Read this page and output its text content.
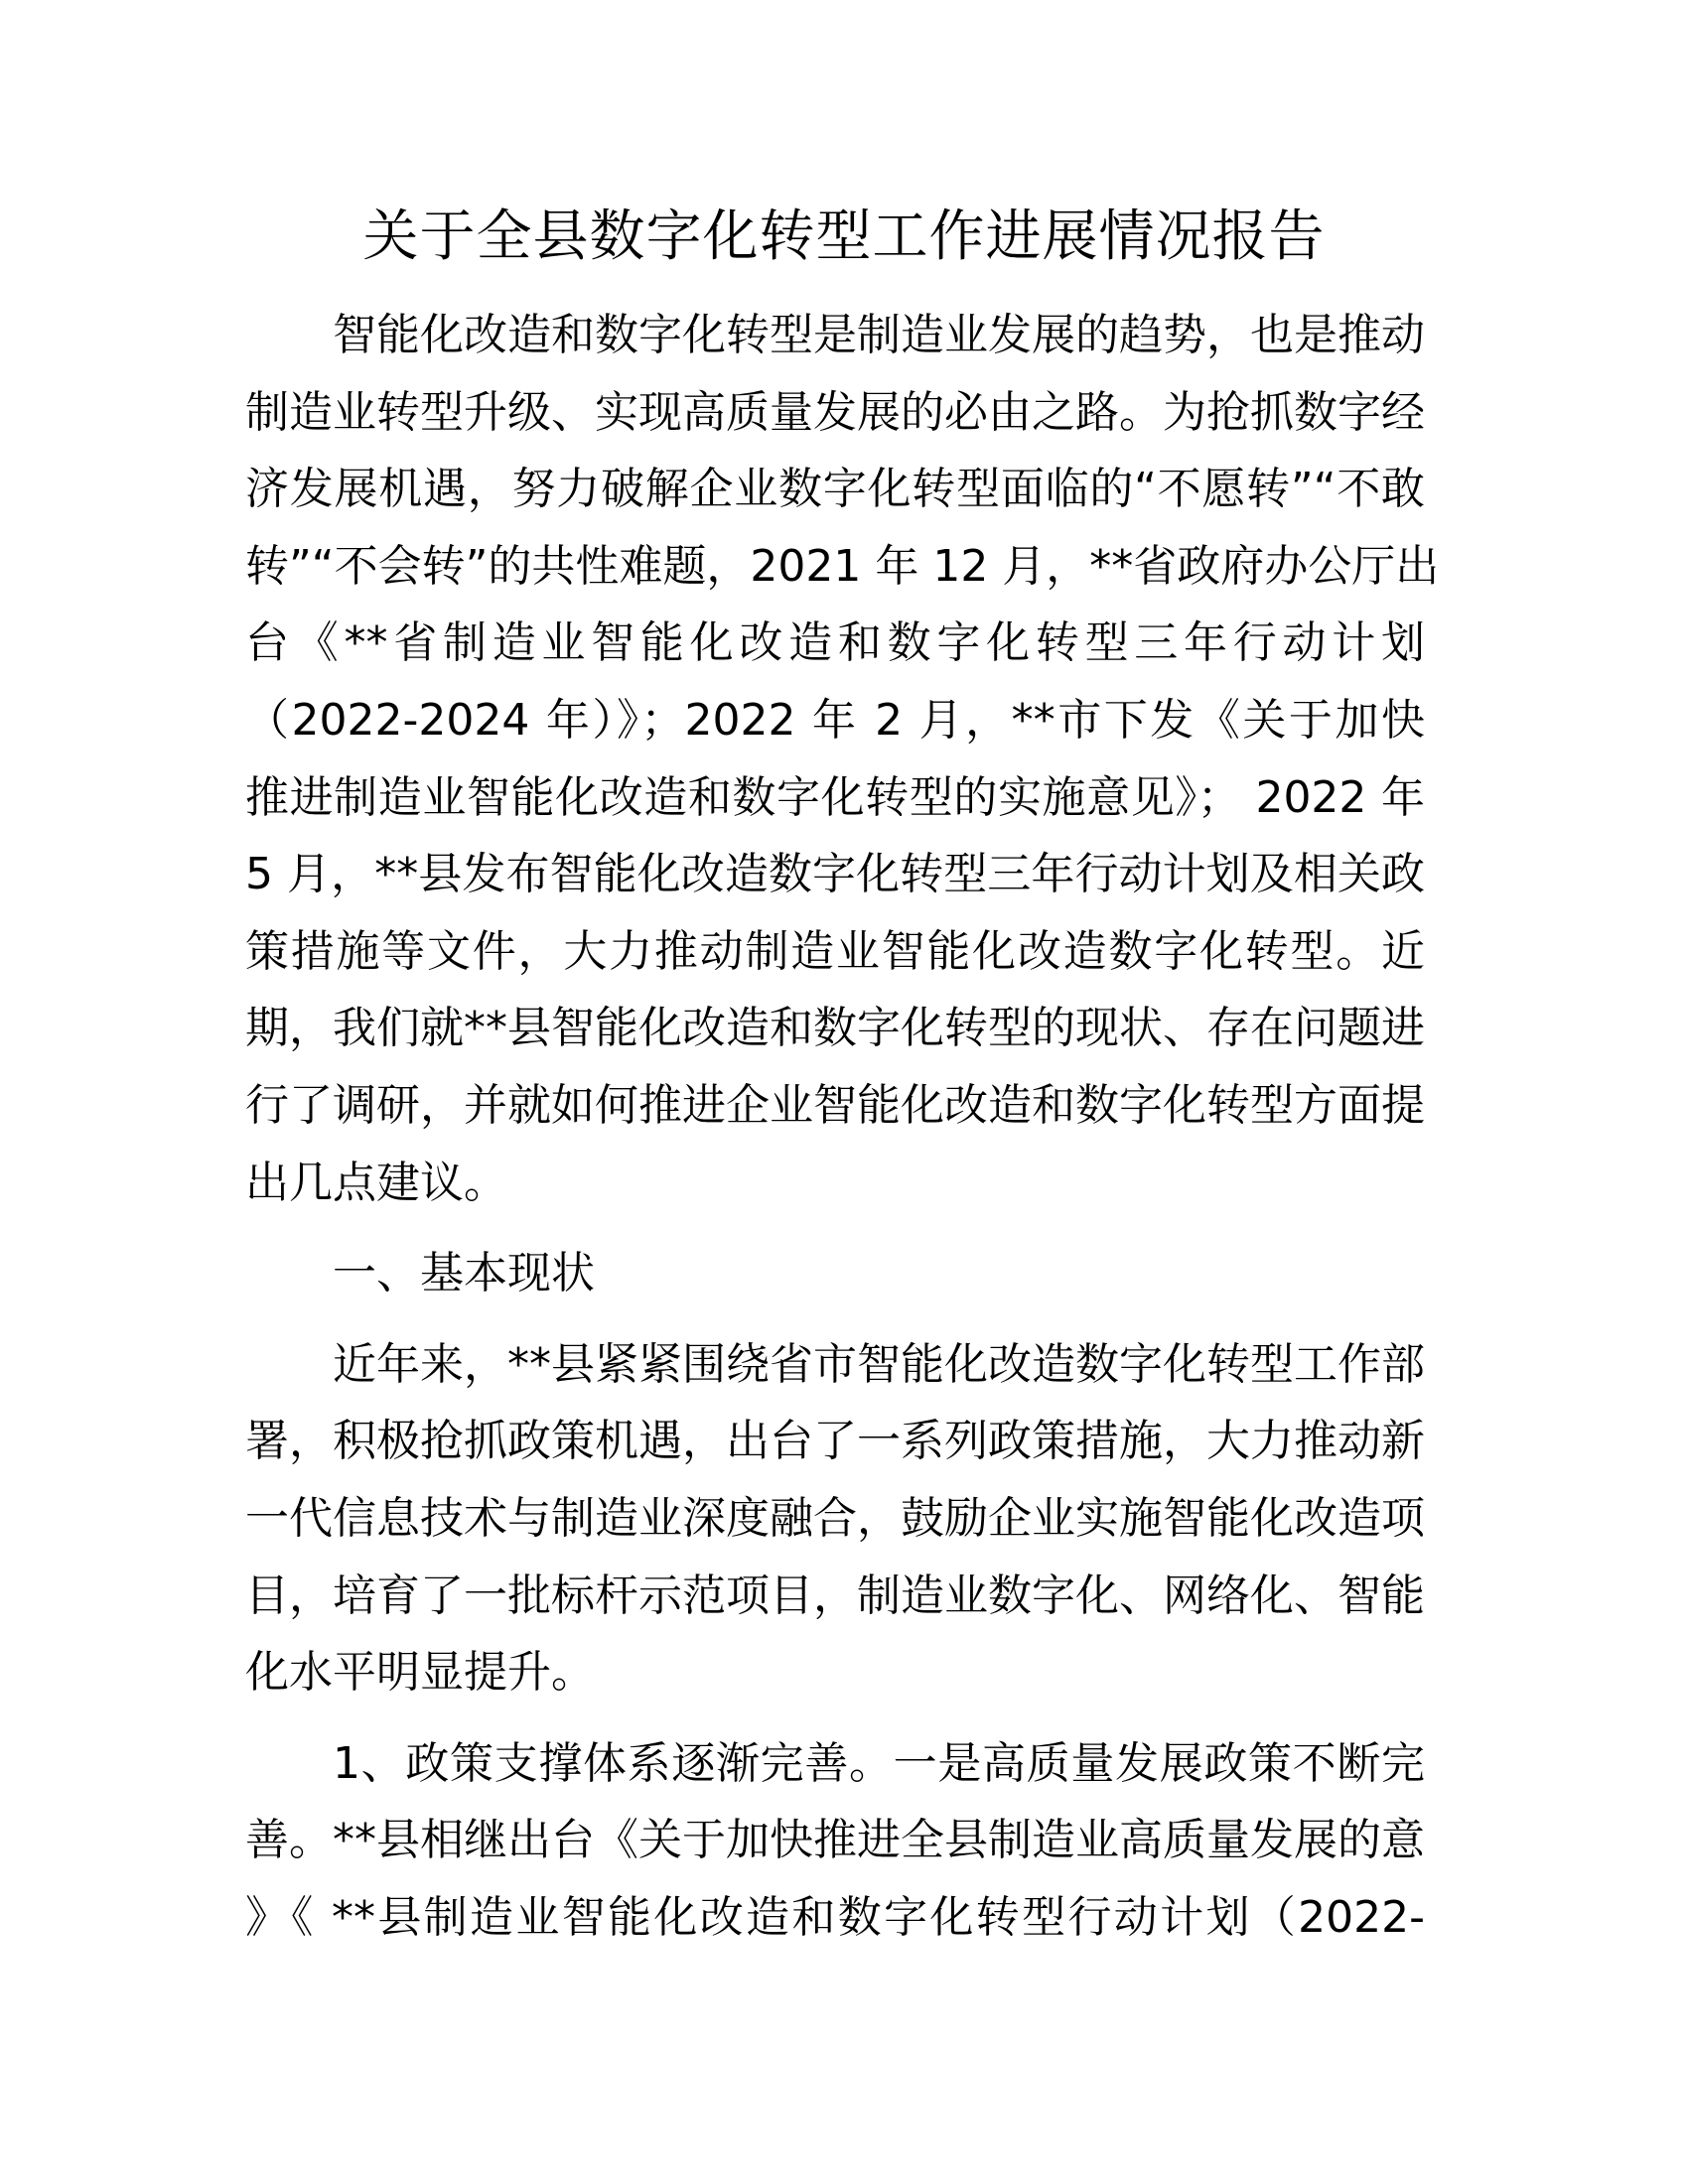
关于全县数字化转型工作进展情况报告
智能化改造和数字化转型是制造业发展的趋势，也是推动
制造业转型升级、实现高质量发展的必由之路。为抢抓数字经
济发展机遇，努力破解企业数字化转型面临的“不愿转”“不敢
转”“不会转”的共性难题，2021 年 12 月，**省政府办公厅出
台《**省制造业智能化改造和数字化转型三年行动计划
（2022-2024 年）》；2022 年 2 月，**市下发《关于加快
推进制造业智能化改造和数字化转型的实施意见》； 2022 年
5 月，**县发布智能化改造数字化转型三年行动计划及相关政
策措施等文件，大力推动制造业智能化改造数字化转型。近
期，我们就**县智能化改造和数字化转型的现状、存在问题进
行了调研，并就如何推进企业智能化改造和数字化转型方面提
出几点建议。
一、基本现状
近年来，**县紧紧围绕省市智能化改造数字化转型工作部
署，积极抢抓政策机遇，出台了一系列政策措施，大力推动新
一代信息技术与制造业深度融合，鼓励企业实施智能化改造项
目，培育了一批标杆示范项目，制造业数字化、网络化、智能
化水平明显提升。
1、政策支撑体系逐渐完善。一是高质量发展政策不断完
善。**县相继出台《关于加快推进全县制造业高质量发展的意
》《 **县制造业智能化改造和数字化转型行动计划（2022-
